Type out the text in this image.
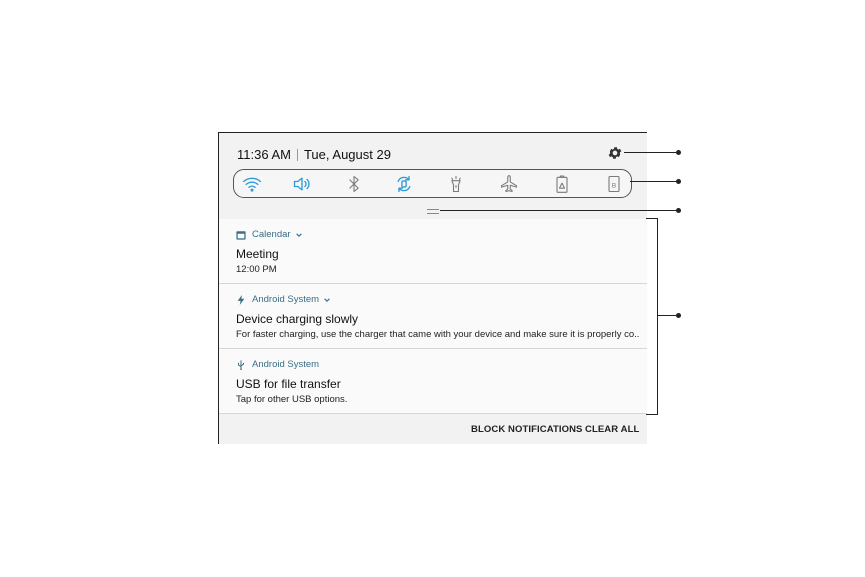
11:36 AM Tue, August 29
B
Calendar
Meeting
12:00 PM
Android System
Device charging slowly
For faster charging, use the charger that came with your device and make sure it is properly co..
Android System
USB for file transfer
Tap for other USB options.
BLOCK NOTIFICATIONS CLEAR ALL
